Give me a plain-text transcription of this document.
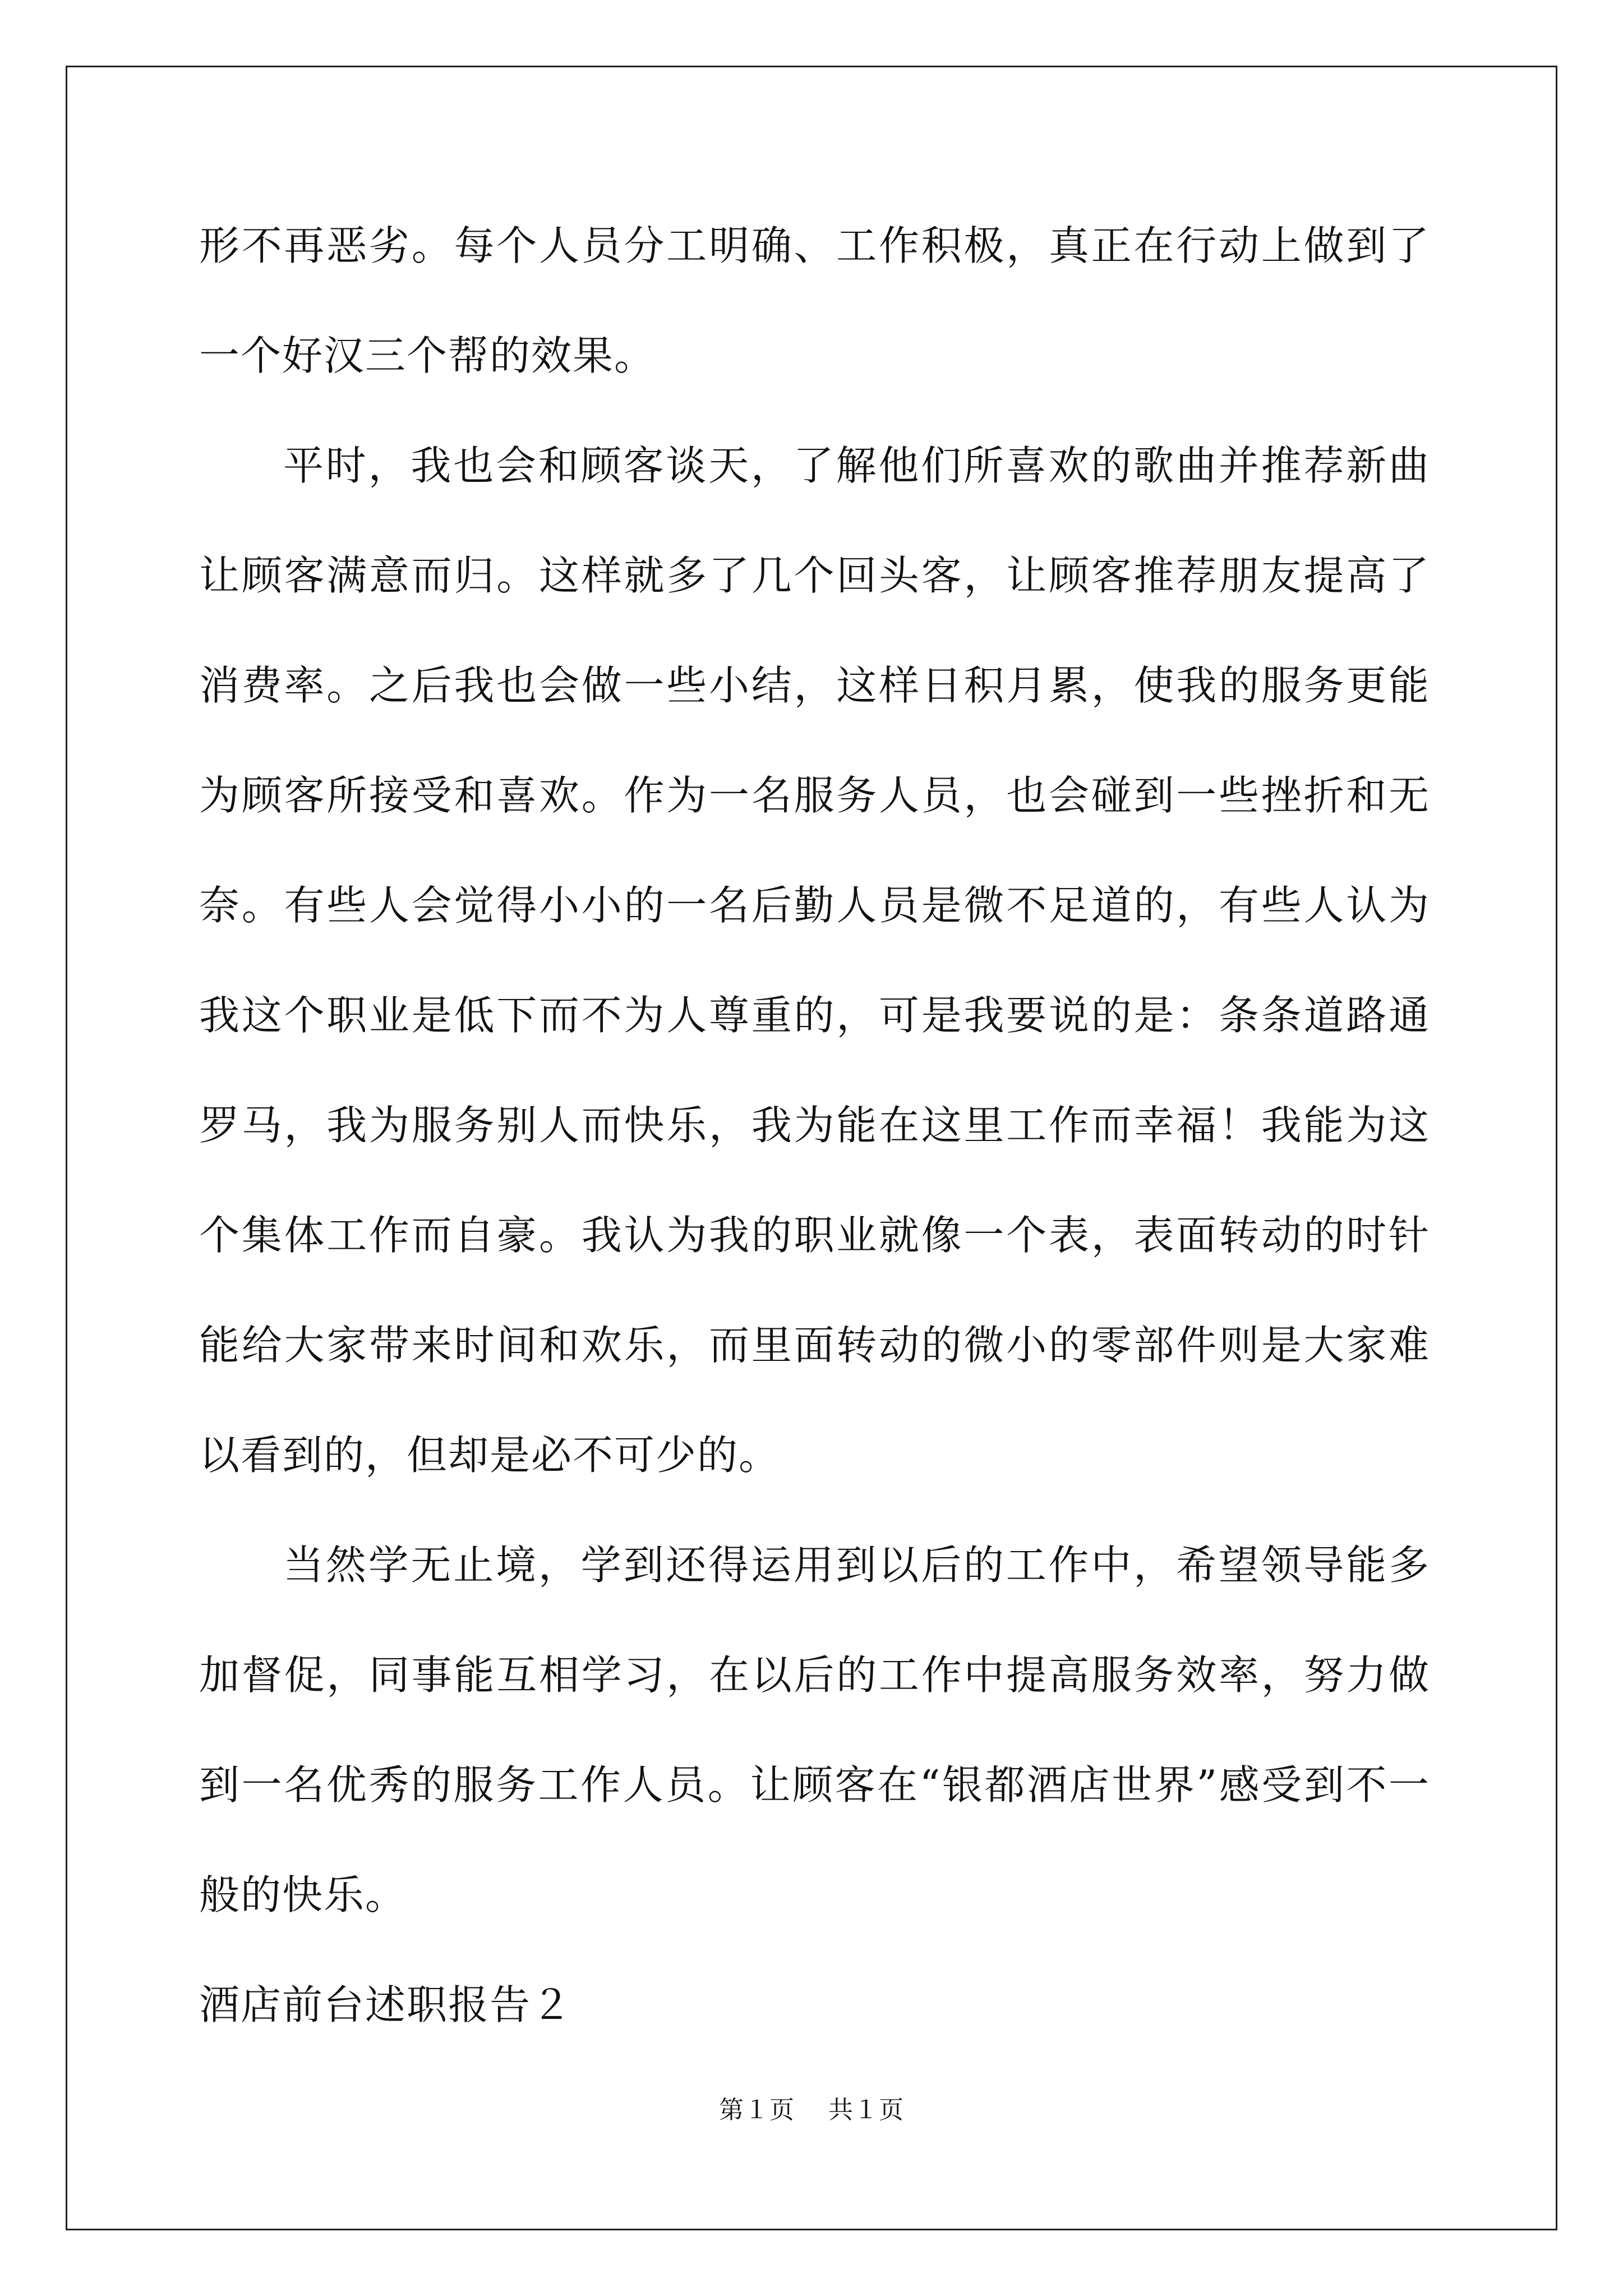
形不再恶劣。每个人员分工明确、工作积极，真正在行动上做到了一个好汉三个帮的效果。

平时，我也会和顾客谈天，了解他们所喜欢的歌曲并推荐新曲让顾客满意而归。这样就多了几个回头客，让顾客推荐朋友提高了消费率。之后我也会做一些小结，这样日积月累，使我的服务更能为顾客所接受和喜欢。作为一名服务人员，也会碰到一些挫折和无奈。有些人会觉得小小的一名后勤人员是微不足道的，有些人认为我这个职业是低下而不为人尊重的，可是我要说的是：条条道路通罗马，我为服务别人而快乐，我为能在这里工作而幸福！我能为这个集体工作而自豪。我认为我的职业就像一个表，表面转动的时针能给大家带来时间和欢乐，而里面转动的微小的零部件则是大家难以看到的，但却是必不可少的。

当然学无止境，学到还得运用到以后的工作中，希望领导能多加督促，同事能互相学习，在以后的工作中提高服务效率，努力做到一名优秀的服务工作人员。让顾客在“银都酒店世界”感受到不一般的快乐。

酒店前台述职报告２

第１页 共１页
